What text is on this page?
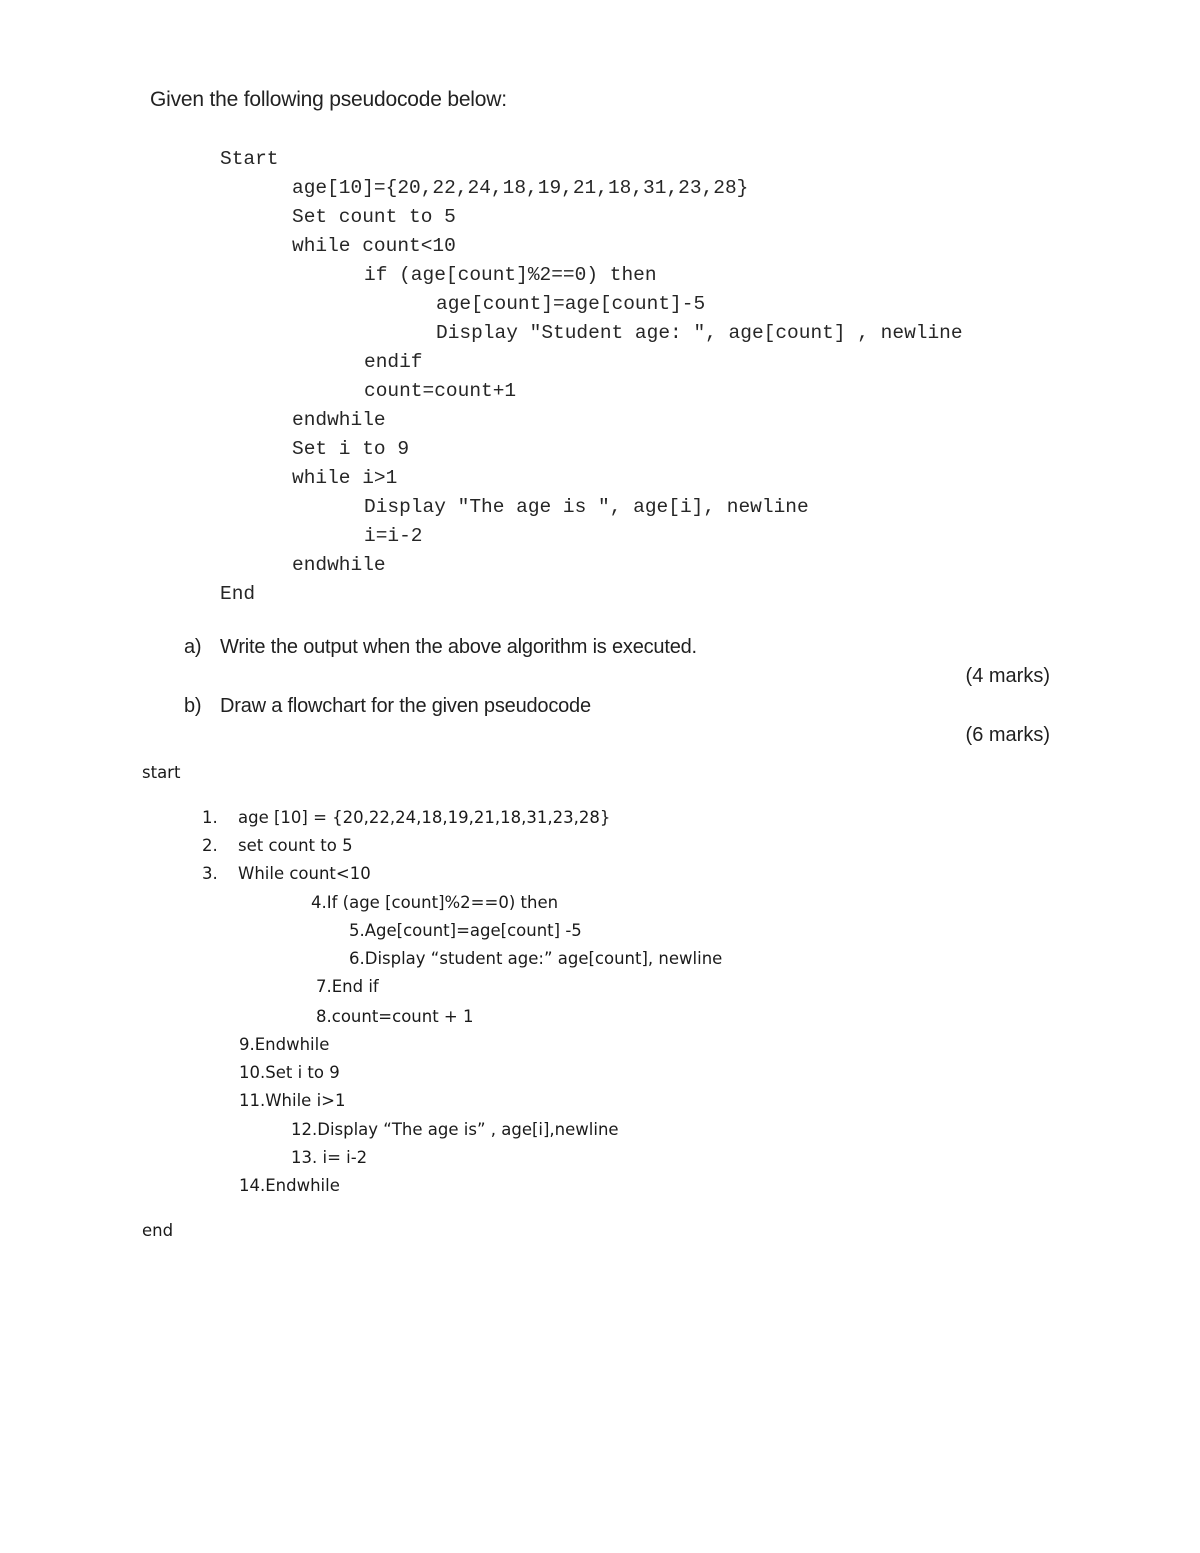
Given the following pseudocode below:
Start
age[10]={20,22,24,18,19,21,18,31,23,28}
Set count to 5
while count<10
if (age[count]%2==0) then
age[count]=age[count]-5
Display "Student age: ", age[count] , newline
endif
count=count+1
endwhile
Set i to 9
while i>1
Display "The age is ", age[i], newline
i=i-2
endwhile
End
a) Write the output when the above algorithm is executed.
(4 marks)
b) Draw a flowchart for the given pseudocode
(6 marks)
start
1. age [10] = {20,22,24,18,19,21,18,31,23,28}
2. set count to 5
3. While count<10
4.If (age [count]%2==0) then
5.Age[count]=age[count] -5
6.Display “student age:” age[count], newline
7.End if
8.count=count + 1
9.Endwhile
10.Set i to 9
11.While i>1
12.Display “The age is” , age[i],newline
13. i= i-2
14.Endwhile
end
